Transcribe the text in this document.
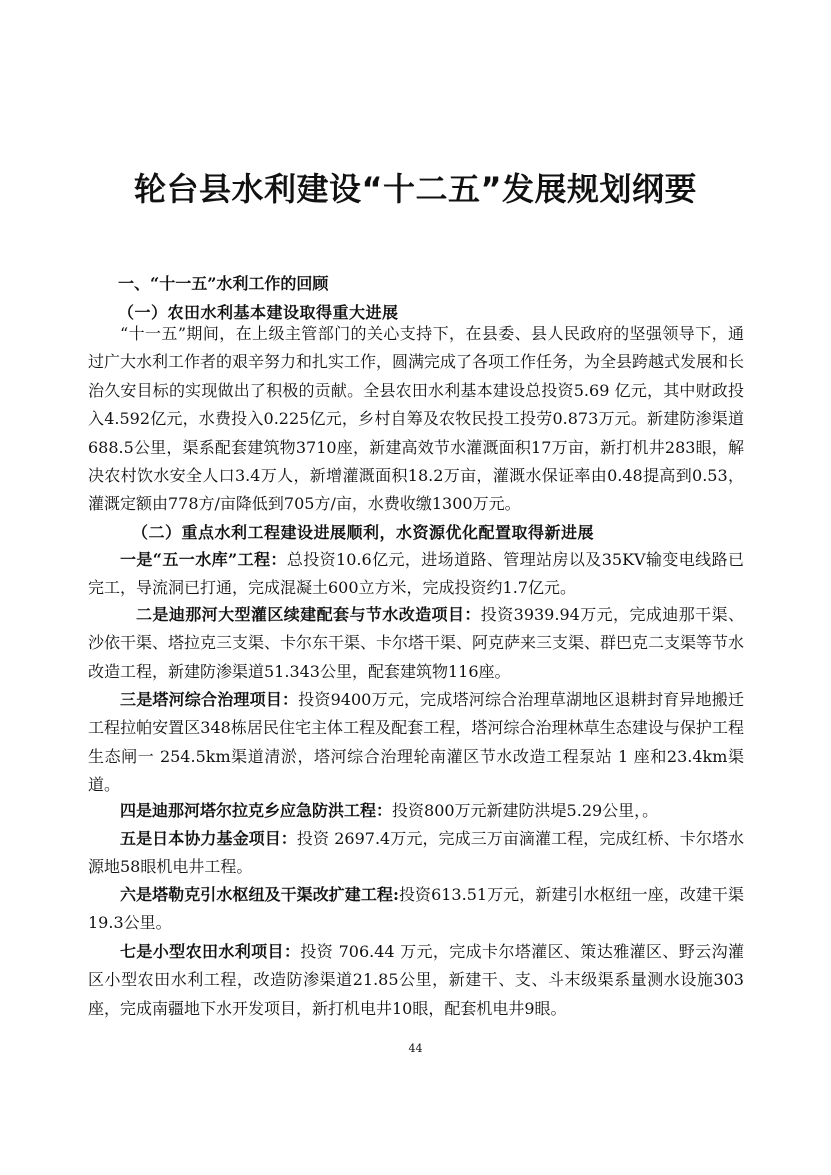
轮台县水利建设“十二五”发展规划纲要
一、“十一五”水利工作的回顾
（一）农田水利基本建设取得重大进展

“十一五”期间，在上级主管部门的关心支持下，在县委、县人民政府的坚强领导下，通过广大水利工作者的艰辛努力和扎实工作，圆满完成了各项工作任务，为全县跨越式发展和长治久安目标的实现做出了积极的贡献。全县农田水利基本建设总投资5.69 亿元，其中财政投入4.592亿元，水费投入0.225亿元，乡村自筹及农牧民投工投劳0.873万元。新建防渗渠道688.5公里，渠系配套建筑物3710座，新建高效节水灌溉面积17万亩，新打机井283眼，解决农村饮水安全人口3.4万人，新增灌溉面积18.2万亩，灌溉水保证率由0.48提高到0.53，灌溉定额由778方/亩降低到705方/亩，水费收缴1300万元。

（二）重点水利工程建设进展顺利，水资源优化配置取得新进展

一是“五一水库”工程：总投资10.6亿元，进场道路、管理站房以及35KV输变电线路已完工，导流洞已打通，完成混凝土600立方米，完成投资约1.7亿元。

二是迪那河大型灌区续建配套与节水改造项目：投资3939.94万元，完成迪那干渠、沙依干渠、塔拉克三支渠、卡尔东干渠、卡尔塔干渠、阿克萨来三支渠、群巴克二支渠等节水改造工程，新建防渗渠道51.343公里，配套建筑物116座。

三是塔河综合治理项目：投资9400万元，完成塔河综合治理草湖地区退耕封育异地搬迁工程拉帕安置区348栋居民住宅主体工程及配套工程，塔河综合治理林草生态建设与保护工程生态闸一 254.5km渠道清淤，塔河综合治理轮南灌区节水改造工程泵站 1 座和23.4km渠道。

四是迪那河塔尔拉克乡应急防洪工程：投资800万元新建防洪堤5.29公里，。

五是日本协力基金项目：投资 2697.4万元，完成三万亩滴灌工程，完成红桥、卡尔塔水源地58眼机电井工程。

六是塔勒克引水枢纽及干渠改扩建工程:投资613.51万元，新建引水枢纽一座，改建干渠19.3公里。

七是小型农田水利项目：投资 706.44 万元，完成卡尔塔灌区、策达雅灌区、野云沟灌区小型农田水利工程，改造防渗渠道21.85公里，新建干、支、斗末级渠系量测水设施303座，完成南疆地下水开发项目，新打机电井10眼，配套机电井9眼。

44
